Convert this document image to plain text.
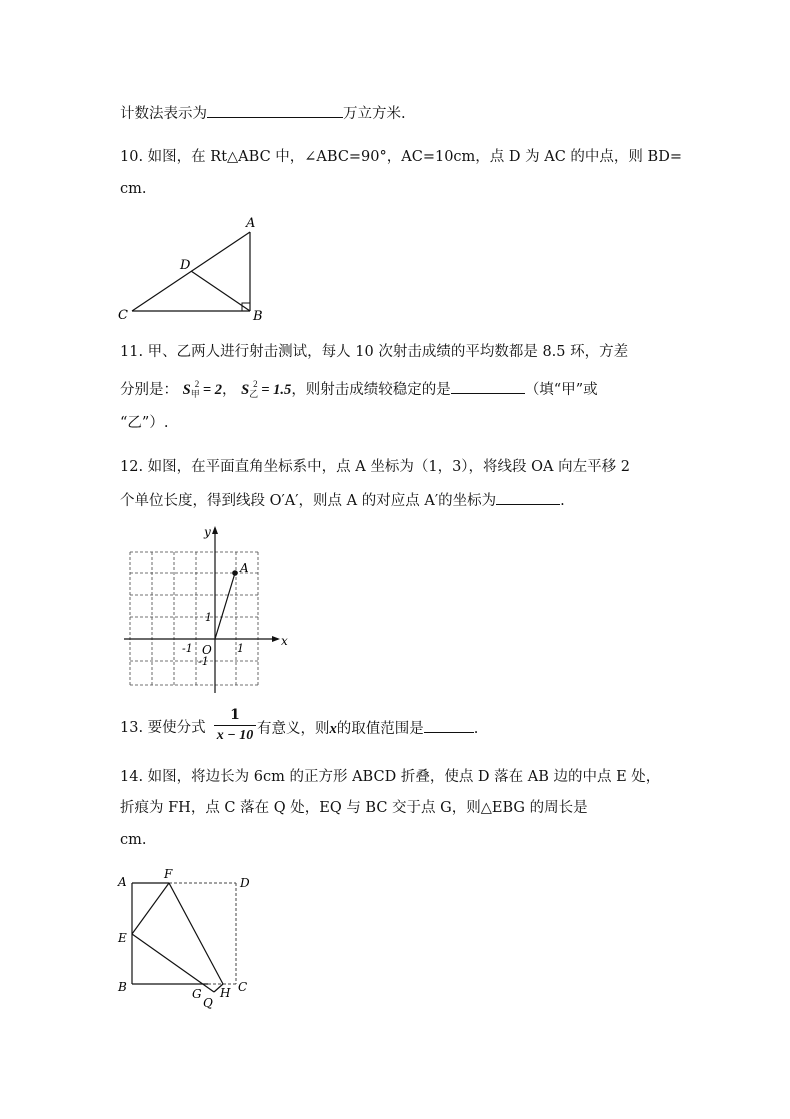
计数法表示为	万立方米.
10. 如图，在 Rt△ABC 中，∠ABC=90°，AC=10cm，点 D 为 AC 的中点，则 BD=
cm.
A
B
C
D
11. 甲、乙两人进行射击测试，每人 10 次射击成绩的平均数都是 8.5 环，方差
分别是： $S_甲^2 = 2$， $S_乙^2 = 1.5$，则射击成绩较稳定的是	（填“甲”或
“乙”）.
12. 如图，在平面直角坐标系中，点 A 坐标为（1，3），将线段 OA 向左平移 2
个单位长度，得到线段 O′A′，则点 A 的对应点 A′的坐标为	.
x
y
O
A
1
-1
1
-1
13. 要使分式
1
x − 10 有意义，则x的取值范围是	.
14. 如图，将边长为 6cm 的正方形 ABCD 折叠，使点 D 落在 AB 边的中点 E 处，
折痕为 FH，点 C 落在 Q 处，EQ 与 BC 交于点 G，则△EBG 的周长是
cm.
A
F
D
E
B	G
Q
H C
